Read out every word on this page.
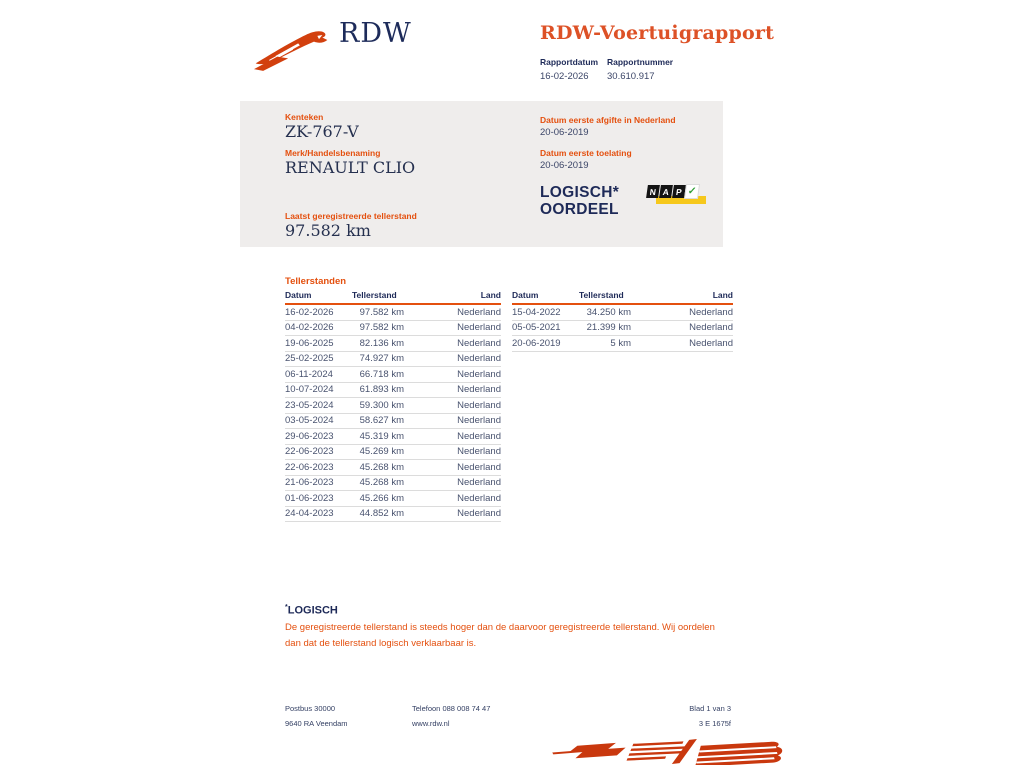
RDW	RDW-Voertuigrapport
Rapportdatum
16-02-2026
Rapportnummer
30.610.917
Kenteken
ZK-767-V
Merk/Handelsbenaming
RENAULT CLIO
Laatst geregistreerde tellerstand
97.582 km
Datum eerste afgifte in Nederland
20-06-2019
Datum eerste toelating
20-06-2019
LOGISCH*
OORDEEL
N A P ✓
Tellerstanden
Datum	Tellerstand	Land
16-02-2026	97.582 km	Nederland
04-02-2026	97.582 km	Nederland
19-06-2025	82.136 km	Nederland
25-02-2025	74.927 km	Nederland
06-11-2024	66.718 km	Nederland
10-07-2024	61.893 km	Nederland
23-05-2024	59.300 km	Nederland
03-05-2024	58.627 km	Nederland
29-06-2023	45.319 km	Nederland
22-06-2023	45.269 km	Nederland
22-06-2023	45.268 km	Nederland
21-06-2023	45.268 km	Nederland
01-06-2023	45.266 km	Nederland
24-04-2023	44.852 km	Nederland
Datum	Tellerstand	Land
15-04-2022	34.250 km	Nederland
05-05-2021	21.399 km	Nederland
20-06-2019	5 km	Nederland
*LOGISCH
De geregistreerde tellerstand is steeds hoger dan de daarvoor geregistreerde tellerstand. Wij oordelen dan dat de tellerstand logisch verklaarbaar is.
Postbus 30000
9640 RA Veendam
Telefoon 088 008 74 47
www.rdw.nl
Blad 1 van 3
3 E 1675f
